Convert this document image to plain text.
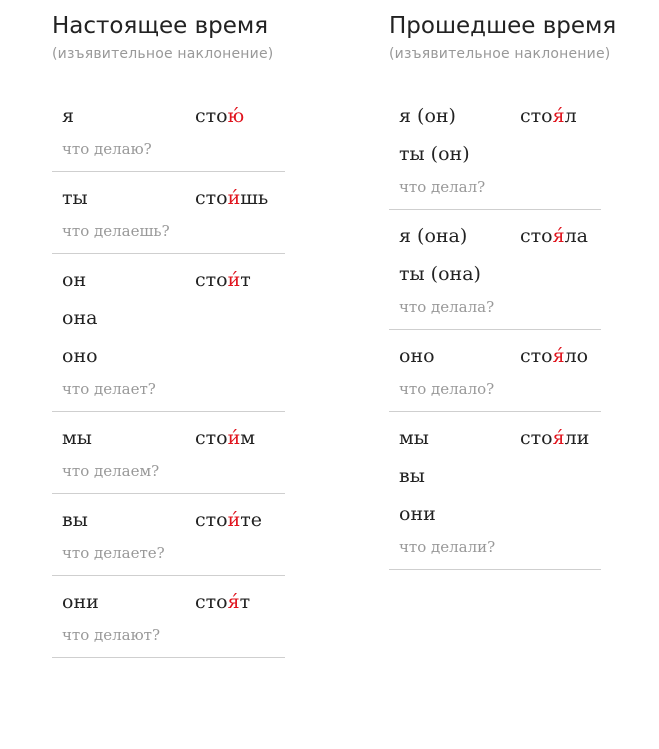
Настоящее время
(изъявительное наклонение)
я
что делаю?
стою́
ты
что делаешь?
стои́шь
он
она
оно
что делает?
стои́т
мы
что делаем?
стои́м
вы
что делаете?
стои́те
они
что делают?
стоя́т
Прошедшее время
(изъявительное наклонение)
я (он)
ты (он)
что делал?
стоя́л
я (она)
ты (она)
что делала?
стоя́ла
оно
что делало?
стоя́ло
мы
вы
они
что делали?
стоя́ли
